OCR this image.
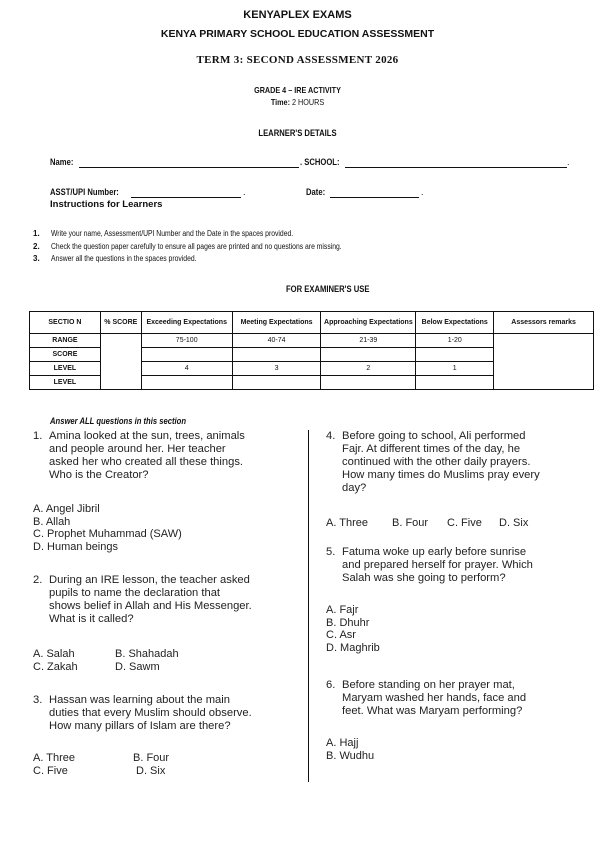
KENYAPLEX EXAMS
KENYA PRIMARY SCHOOL EDUCATION ASSESSMENT
TERM 3: SECOND ASSESSMENT 2026
GRADE 4 – IRE ACTIVITY
Time: 2 HOURS
LEARNER'S DETAILS
Name:	. SCHOOL:	.
ASST/UPI Number:	.	Date:	.
Instructions for Learners
1. Write your name, Assessment/UPI Number and the Date in the spaces provided.
2. Check the question paper carefully to ensure all pages are printed and no questions are missing.
3. Answer all the questions in the spaces provided.
FOR EXAMINER'S USE
SECTIO N	% SCORE	Exceeding Expectations	Meeting Expectations	Approaching Expectations	Below Expectations	Assessors remarks
RANGE		75-100	40-74	21-39	1-20	
SCORE						
LEVEL		4	3	2	1	
LEVEL						
Answer ALL questions in this section
1. Amina looked at the sun, trees, animals
and people around her. Her teacher
asked her who created all these things.
Who is the Creator?
A. Angel Jibril
B. Allah
C. Prophet Muhammad (SAW)
D. Human beings
2. During an IRE lesson, the teacher asked
pupils to name the declaration that
shows belief in Allah and His Messenger.
What is it called?
A. Salah	B. Shahadah
C. Zakah	D. Sawm
3. Hassan was learning about the main
duties that every Muslim should observe.
How many pillars of Islam are there?
A. Three	B. Four
C. Five	D. Six
4. Before going to school, Ali performed
Fajr. At different times of the day, he
continued with the other daily prayers.
How many times do Muslims pray every
day?
A. Three B. Four C. Five D. Six
5. Fatuma woke up early before sunrise
and prepared herself for prayer. Which
Salah was she going to perform?
A. Fajr
B. Dhuhr
C. Asr
D. Maghrib
6. Before standing on her prayer mat,
Maryam washed her hands, face and
feet. What was Maryam performing?
A. Hajj
B. Wudhu
